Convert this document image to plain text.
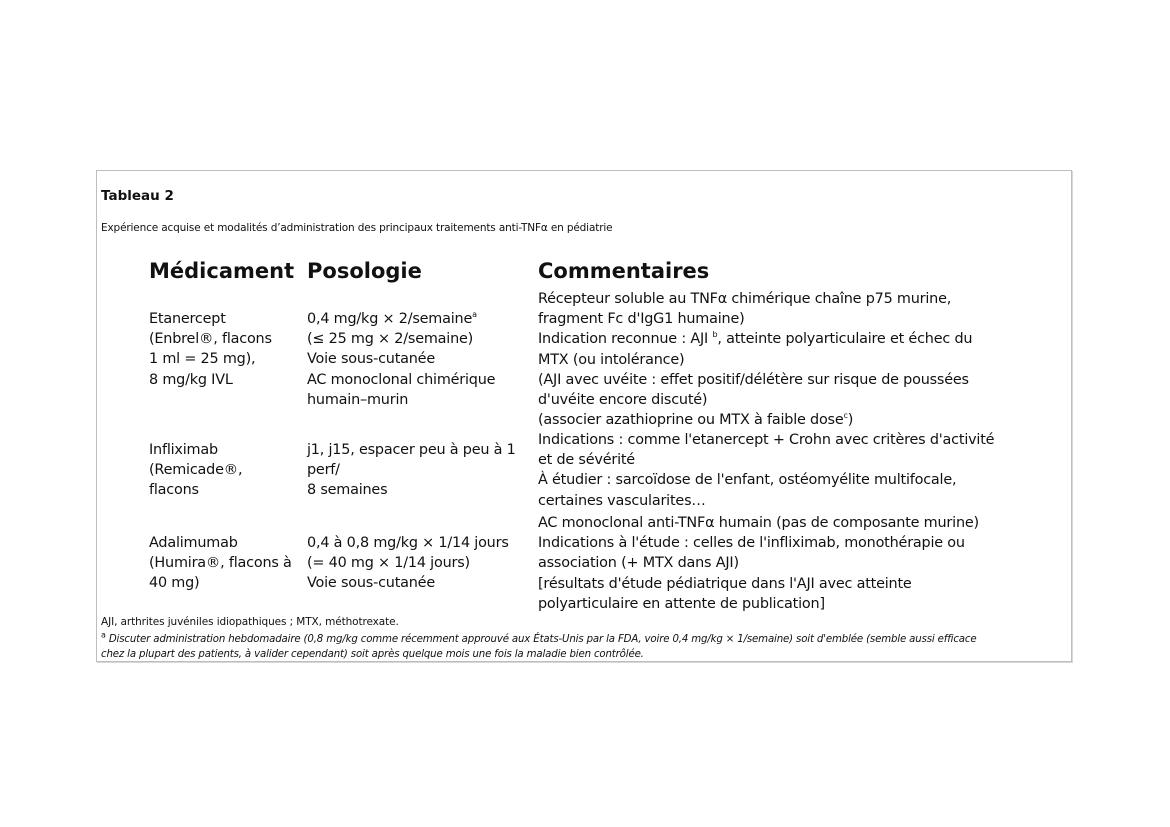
Tableau 2
Expérience acquise et modalités d’administration des principaux traitements anti-TNFα en pédiatrie
Médicament Posologie	Commentaires
Etanercept
(Enbrel®, flacons
1 ml = 25 mg),
8 mg/kg IVL
0,4 mg/kg × 2/semaine$^a$
(≤ 25 mg × 2/semaine)
Voie sous-cutanée
AC monoclonal chimérique
humain–murin
Récepteur soluble au TNFα chimérique chaîne p75 murine,
fragment Fc d'IgG1 humaine)
Indication reconnue : AJI $^b$, atteinte polyarticulaire et échec du
MTX (ou intolérance)
(AJI avec uvéite : effet positif/délétère sur risque de poussées
d'uvéite encore discuté)
(associer azathioprine ou MTX à faible dose$^c$)
Infliximab
(Remicade®,
flacons
j1, j15, espacer peu à peu à 1
perf/
8 semaines
Indications : comme l'etanercept + Crohn avec critères d'activité
et de sévérité
À étudier : sarcoïdose de l'enfant, ostéomyélite multifocale,
certaines vascularites…
Adalimumab
(Humira®, flacons à
40 mg)
0,4 à 0,8 mg/kg × 1/14 jours
(= 40 mg × 1/14 jours)
Voie sous-cutanée
AC monoclonal anti-TNFα humain (pas de composante murine)
Indications à l'étude : celles de l'infliximab, monothérapie ou
association (+ MTX dans AJI)
[résultats d'étude pédiatrique dans l'AJI avec atteinte
polyarticulaire en attente de publication]
AJI, arthrites juvéniles idiopathiques ; MTX, méthotrexate.
$^a$ Discuter administration hebdomadaire (0,8 mg/kg comme récemment approuvé aux États-Unis par la FDA, voire 0,4 mg/kg × 1/semaine) soit d'emblée (semble aussi efficace
chez la plupart des patients, à valider cependant) soit après quelque mois une fois la maladie bien contrôlée.
